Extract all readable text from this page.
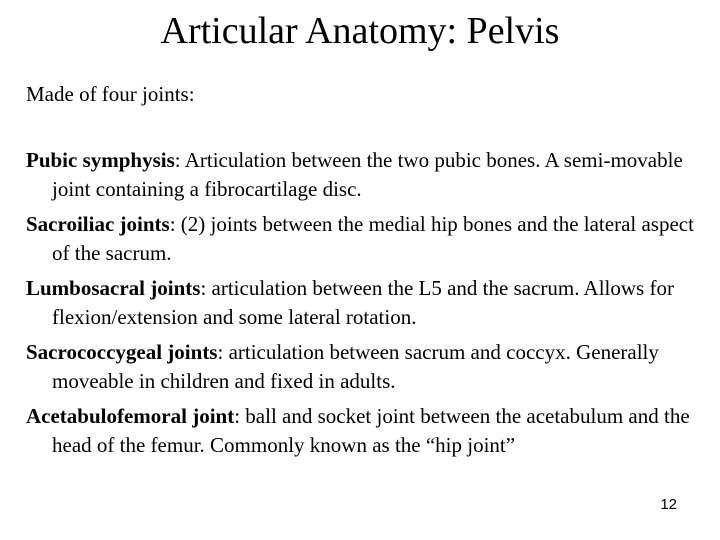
Articular Anatomy: Pelvis

Made of four joints:

Pubic symphysis: Articulation between the two pubic bones. A semi-movable joint containing a fibrocartilage disc.
Sacroiliac joints: (2) joints between the medial hip bones and the lateral aspect of the sacrum.
Lumbosacral joints: articulation between the L5 and the sacrum. Allows for flexion/extension and some lateral rotation.
Sacrococcygeal joints: articulation between sacrum and coccyx. Generally moveable in children and fixed in adults.
Acetabulofemoral joint: ball and socket joint between the acetabulum and the head of the femur. Commonly known as the “hip joint”
12
